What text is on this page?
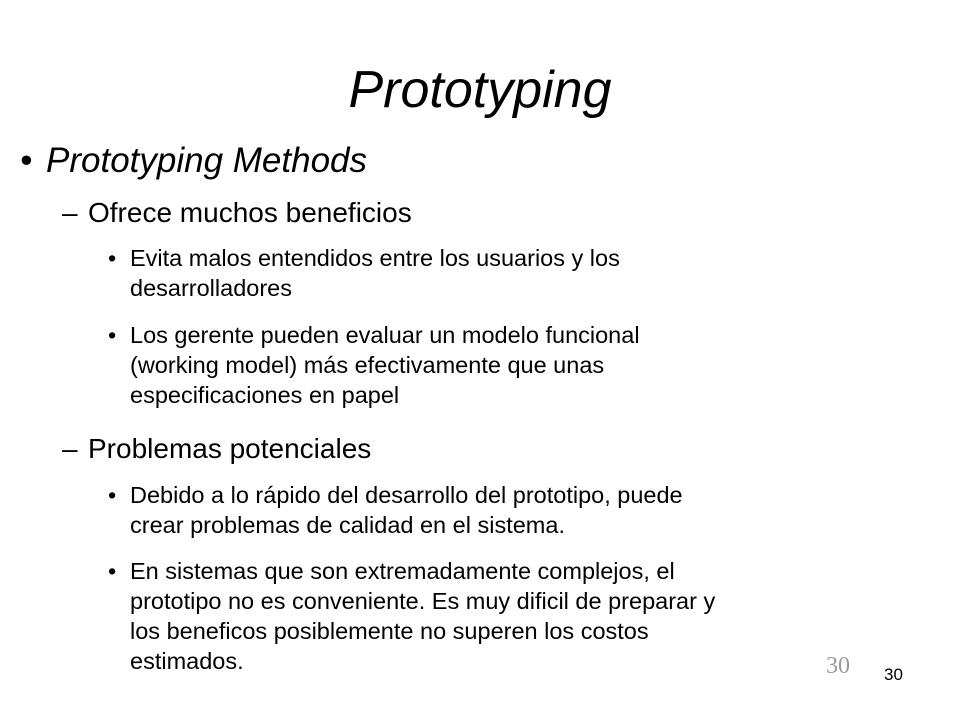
Prototyping
• Prototyping Methods
– Ofrece muchos beneficios
• Evita malos entendidos entre los usuarios y los
desarrolladores
• Los gerente pueden evaluar un modelo funcional
(working model) más efectivamente que unas
especificaciones en papel
– Problemas potenciales
• Debido a lo rápido del desarrollo del prototipo, puede
crear problemas de calidad en el sistema.
• En sistemas que son extremadamente complejos, el
prototipo no es conveniente. Es muy dificil de preparar y
los beneficos posiblemente no superen los costos
estimados.	30 30
